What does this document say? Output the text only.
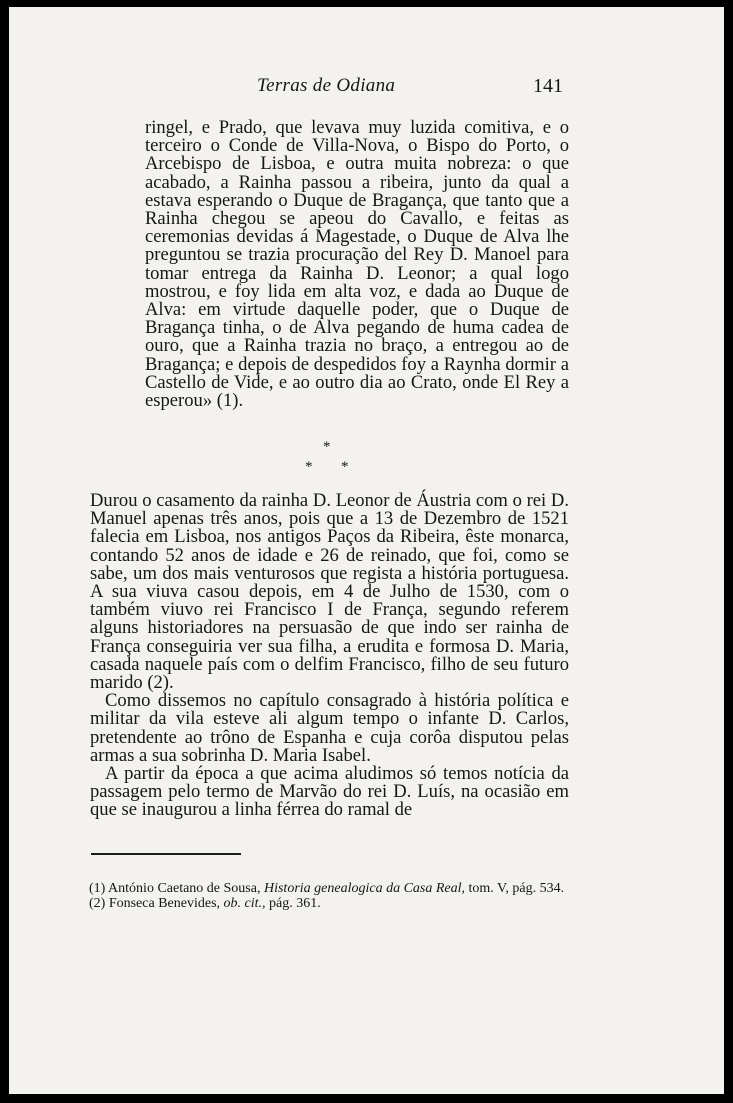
Terras de Odiana	141

ringel, e Prado, que levava muy luzida comitiva, e o terceiro o Conde de Villa-Nova, o Bispo do Porto, o Arcebispo de Lisboa, e outra muita nobreza: o que acabado, a Rainha passou a ribeira, junto da qual a estava esperando o Duque de Bragança, que tanto que a Rainha chegou se apeou do Cavallo, e feitas as ceremonias devidas á Magestade, o Duque de Alva lhe preguntou se trazia procuração del Rey D. Manoel para tomar entrega da Rainha D. Leonor; a qual logo mostrou, e foy lida em alta voz, e dada ao Duque de Alva: em virtude daquelle poder, que o Duque de Bragança tinha, o de Alva pegando de huma cadea de ouro, que a Rainha trazia no braço, a entregou ao de Bragança; e depois de despedidos foy a Raynha dormir a Castello de Vide, e ao outro dia ao Crato, onde El Rey a esperou» (1).

*
* *

Durou o casamento da rainha D. Leonor de Áustria com o rei D. Manuel apenas três anos, pois que a 13 de Dezembro de 1521 falecia em Lisboa, nos antigos Paços da Ribeira, êste monarca, contando 52 anos de idade e 26 de reinado, que foi, como se sabe, um dos mais venturosos que regista a história portuguesa. A sua viuva casou depois, em 4 de Julho de 1530, com o também viuvo rei Francisco I de França, segundo referem alguns historiadores na persuasão de que indo ser rainha de França conseguiria ver sua filha, a erudita e formosa D. Maria, casada naquele país com o delfim Francisco, filho de seu futuro marido (2).

Como dissemos no capítulo consagrado à história política e militar da vila esteve ali algum tempo o infante D. Carlos, pretendente ao trôno de Espanha e cuja corôa disputou pelas armas a sua sobrinha D. Maria Isabel.

A partir da época a que acima aludimos só temos notícia da passagem pelo termo de Marvão do rei D. Luís, na ocasião em que se inaugurou a linha férrea do ramal de

(1) António Caetano de Sousa, Historia genealogica da Casa Real, tom. V, pág. 534.

(2) Fonseca Benevides, ob. cit., pág. 361.
